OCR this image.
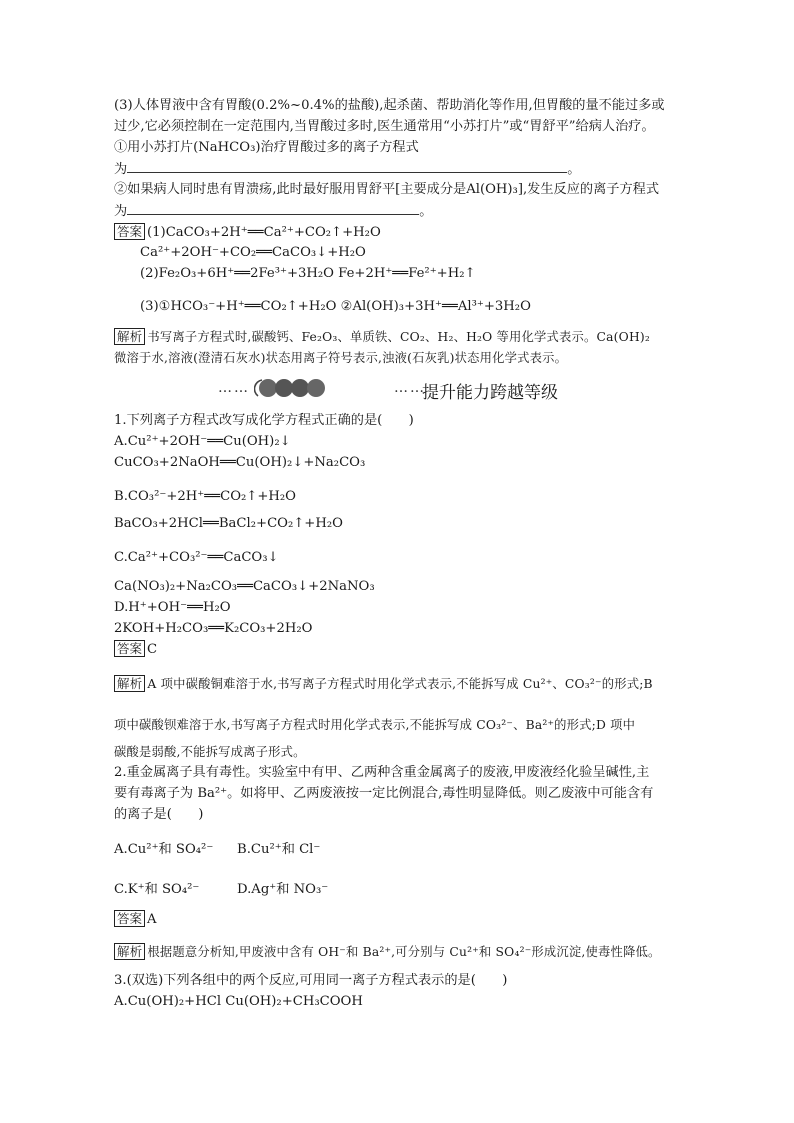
(3)人体胃液中含有胃酸(0.2%~0.4%的盐酸),起杀菌、帮助消化等作用,但胃酸的量不能过多或
过少,它必须控制在一定范围内,当胃酸过多时,医生通常用“小苏打片”或“胃舒平”给病人治疗。
①用小苏打片(NaHCO₃)治疗胃酸过多的离子方程式
为	。
②如果病人同时患有胃溃疡,此时最好服用胃舒平[主要成分是Al(OH)₃],发生反应的离子方程式
为	。
答案 (1)CaCO₃+2H⁺══Ca²⁺+CO₂↑+H₂O
Ca²⁺+2OH⁻+CO₂══CaCO₃↓+H₂O
(2)Fe₂O₃+6H⁺══2Fe³⁺+3H₂O Fe+2H⁺══Fe²⁺+H₂↑
(3)①HCO₃⁻+H⁺══CO₂↑+H₂O ②Al(OH)₃+3H⁺══Al³⁺+3H₂O
解析 书写离子方程式时,碳酸钙、Fe₂O₃、单质铁、CO₂、H₂、H₂O 等用化学式表示。Ca(OH)₂
微溶于水,溶液(澄清石灰水)状态用离子符号表示,浊液(石灰乳)状态用化学式表示。
……	……
提升能力跨越等级
1.下列离子方程式改写成化学方程式正确的是(　　)
A.Cu²⁺+2OH⁻══Cu(OH)₂↓
CuCO₃+2NaOH══Cu(OH)₂↓+Na₂CO₃
B.CO₃²⁻+2H⁺══CO₂↑+H₂O
BaCO₃+2HCl══BaCl₂+CO₂↑+H₂O
C.Ca²⁺+CO₃²⁻══CaCO₃↓
Ca(NO₃)₂+Na₂CO₃══CaCO₃↓+2NaNO₃
D.H⁺+OH⁻══H₂O
2KOH+H₂CO₃══K₂CO₃+2H₂O
答案 C
解析 A 项中碳酸铜难溶于水,书写离子方程式时用化学式表示,不能拆写成 Cu²⁺、CO₃²⁻的形式;B
项中碳酸钡难溶于水,书写离子方程式时用化学式表示,不能拆写成 CO₃²⁻、Ba²⁺的形式;D 项中
碳酸是弱酸,不能拆写成离子形式。
2.重金属离子具有毒性。实验室中有甲、乙两种含重金属离子的废液,甲废液经化验呈碱性,主
要有毒离子为 Ba²⁺。如将甲、乙两废液按一定比例混合,毒性明显降低。则乙废液中可能含有
的离子是(　　)
A.Cu²⁺和 SO₄²⁻ B.Cu²⁺和 Cl⁻
C.K⁺和 SO₄²⁻	D.Ag⁺和 NO₃⁻
答案 A
解析 根据题意分析知,甲废液中含有 OH⁻和 Ba²⁺,可分别与 Cu²⁺和 SO₄²⁻形成沉淀,使毒性降低。
3.(双选)下列各组中的两个反应,可用同一离子方程式表示的是(　　)
A.Cu(OH)₂+HCl Cu(OH)₂+CH₃COOH
